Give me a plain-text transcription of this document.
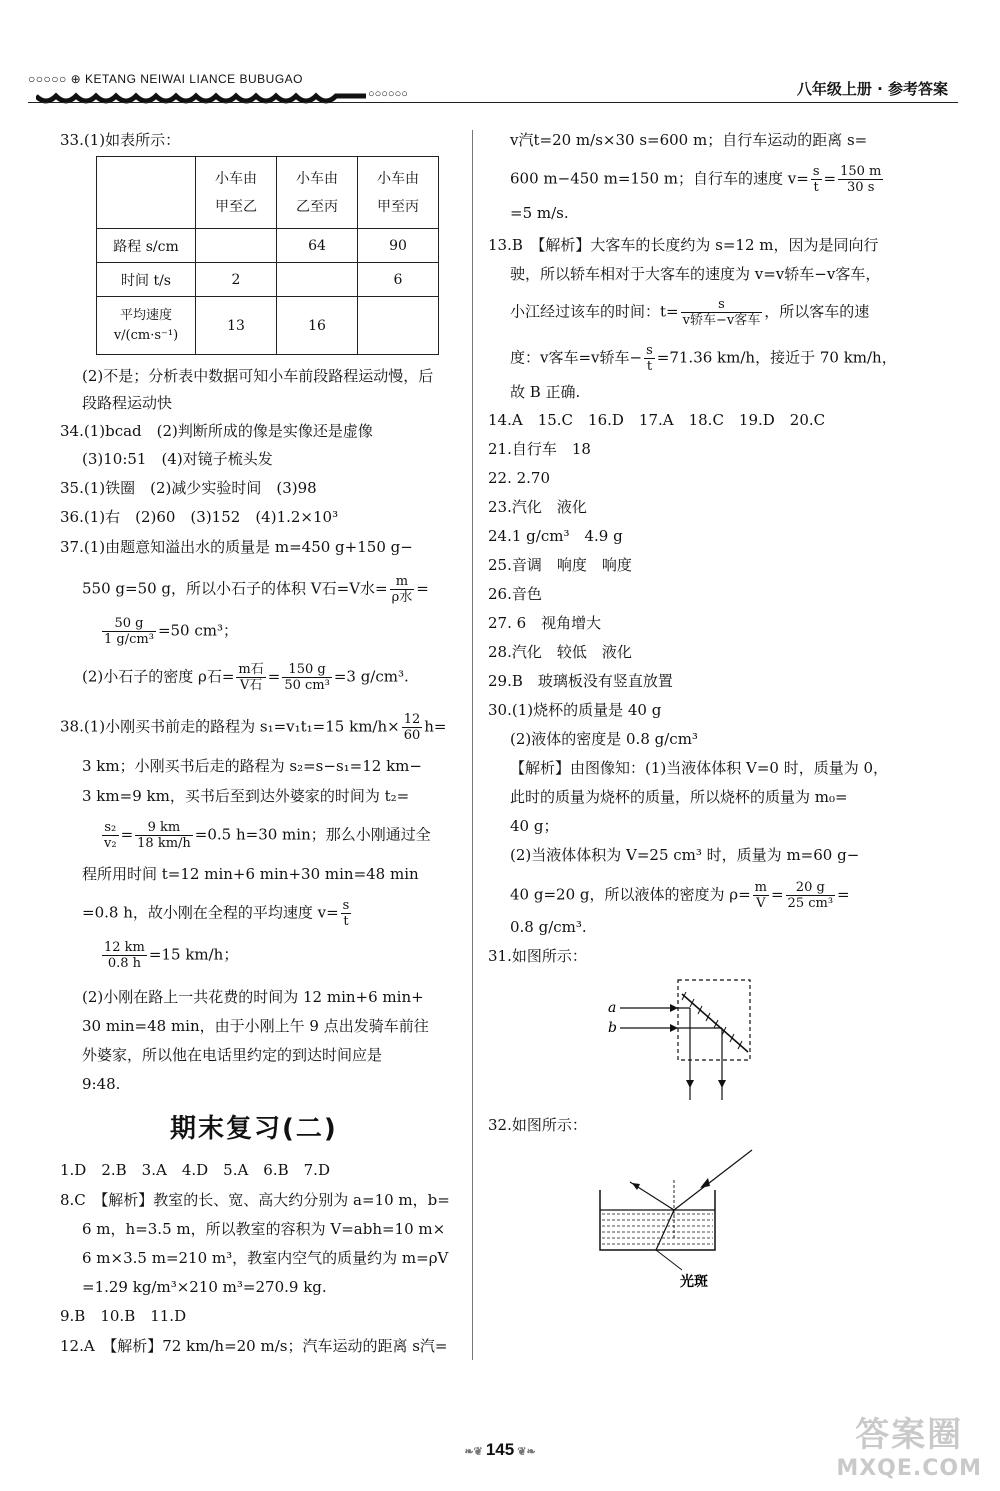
○○○○○ ⊕ KETANG NEIWAI LIANCE BUBUGAO
○○○○○○	八年级上册 · 参考答案
33.(1)如表所示：

	小车由甲至乙	小车由乙至丙	小车由甲至丙

路程 s/cm		64	90
时间 t/s	2		6

平均速度 v/(cm·s⁻¹)	13	16	
(2)不是；分析表中数据可知小车前段路程运动慢，后
段路程运动快
34.(1)bcad　(2)判断所成的像是实像还是虚像
(3)10:51　(4)对镜子梳头发
35.(1)铁圈　(2)减少实验时间　(3)98
36.(1)右　(2)60　(3)152　(4)1.2×10³
37.(1)由题意知溢出水的质量是 m=450 g+150 g−
550 g=50 g，所以小石子的体积 V石=V水= $\frac{m}{\text{ρ水}}$ =
$\frac{50 g}{\text{1 g/cm³}} =50$ cm³；
(2)小石子的密度 ρ石= $\frac{\text{m石}}{\text{V石}} = \frac{150 g}{\text{50 cm³}} =3$ g/cm³.
38.(1)小刚买书前走的路程为 s₁=v₁t₁=15 $km/h\times \frac{12}{60} h=$
3 km；小刚买书后走的路程为 s₂=s−s₁=12 km−
3 km=9 km，买书后至到达外婆家的时间为 t₂=
$\frac{\text{s₂}}{\text{v₂}} = \frac{9 km}{18 km/h} =0.5$ h=30 min；那么小刚通过全
程所用时间 t=12 min+6 min+30 min=48 min
=0.8 h，故小刚在全程的平均速度 $v= \frac{s}{t}$
$\frac{12 km}{0.8 h} =15$ km/h；
(2)小刚在路上一共花费的时间为 12 min+6 min+
30 min=48 min，由于小刚上午 9 点出发骑车前往
外婆家，所以他在电话里约定的到达时间应是
9:48.
期末复习(二)
1.D　2.B　3.A　4.D　5.A　6.B　7.D
8.C　【解析】教室的长、宽、高大约分别为 a=10 m，b=
6 m，h=3.5 m，所以教室的容积为 V=abh=10 m×
6 m×3.5 m=210 m³，教室内空气的质量约为 m=ρV
=1.29 kg/m³×210 m³=270.9 kg.
9.B　10.B　11.D
12.A　【解析】72 km/h=20 m/s；汽车运动的距离 s汽=
v汽t=20 m/s×30 s=600 m；自行车运动的距离 s=
600 m−450 m=150 m；自行车的速度 $v= \frac{s}{t} = \frac{150 m}{30 s}$
=5 m/s.
13.B　【解析】大客车的长度约为 s=12 m，因为是同向行
驶，所以轿车相对于大客车的速度为 v=v轿车−v客车，
小江经过该车的时间：$t= \frac{s}{\text{v轿车−v客车}}$ ，所以客车的速
度：v客车=v轿车− $\frac{s}{t} =71.36$ km/h，接近于 70 km/h，
故 B 正确.
14.A　15.C　16.D　17.A　18.C　19.D　20.C
21.自行车　18
22. 2.70
23.汽化　液化
24.1 g/cm³　4.9 g
25.音调　响度　响度
26.音色
27. 6　视角增大
28.汽化　较低　液化
29.B　玻璃板没有竖直放置
30.(1)烧杯的质量是 40 g
(2)液体的密度是 0.8 g/cm³
【解析】由图像知：(1)当液体体积 V=0 时，质量为 0，
此时的质量为烧杯的质量，所以烧杯的质量为 m₀=
40 g；
(2)当液体体积为 V=25 cm³ 时，质量为 m=60 g−
40 g=20 g，所以液体的密度为 $\rho= \frac{m}{V} = \frac{20 g}{\text{25 cm³}}$ =
0.8 g/cm³.
31.如图所示：
a
b
32.如图所示：
光斑
❧❦ 145 ❦❧	答案圈
MXQE.COM
